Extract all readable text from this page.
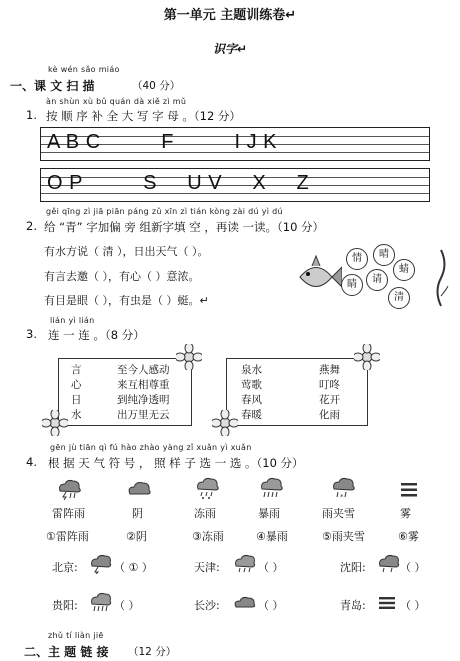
第一单元 主题训练卷↵
识字↵
kè wén sǎo miáo
一、课 文 扫 描	（40 分）
àn shùn xù bǔ quán dà xiě zì mǔ
1. 按 顺 序 补 全 大 写 字 母 。（12 分）
A B C          F          I J K
O P          S     U V     X     Z
gěi qīng zì jiā piān páng zǔ xīn zì tián kòng zài dú yì dú
2. 给 “青” 字加偏 旁 组新字填 空 ，再读 一读。（10 分）
有水方说（ 清 ），日出天气（ ）。
有言去邀（ ），有心（ ）意浓。
有目是眼（ ），有虫是（ ）蜓。↵
情	晴
睛	请
蜻
清
lián yì lián
3. 连 一 连 。（8 分）
言	至今人感动
心	来互相尊重
日	到纯净透明
水	出万里无云
泉水	燕舞
莺歌	叮咚
春风	花开
春暖	化雨
gēn jù tiān qì fú hào zhào yàng zǐ xuǎn yì xuǎn
4. 根 据 天 气 符 号 ， 照 样 子 选 一 选 。（10 分）
*
雷阵雨	阴	冻雨	暴雨	雨夹雪	雾
①雷阵雨	②阴	③冻雨	④暴雨	⑤雨夹雪	⑥雾
北京:	（ ① ）	天津:	（ ）	沈阳:	（ ）
贵阳:	（ ）	长沙:	（ ）	青岛:	（ ）
zhǔ tí liàn jiē
二、主 题 链 接 （12 分）
